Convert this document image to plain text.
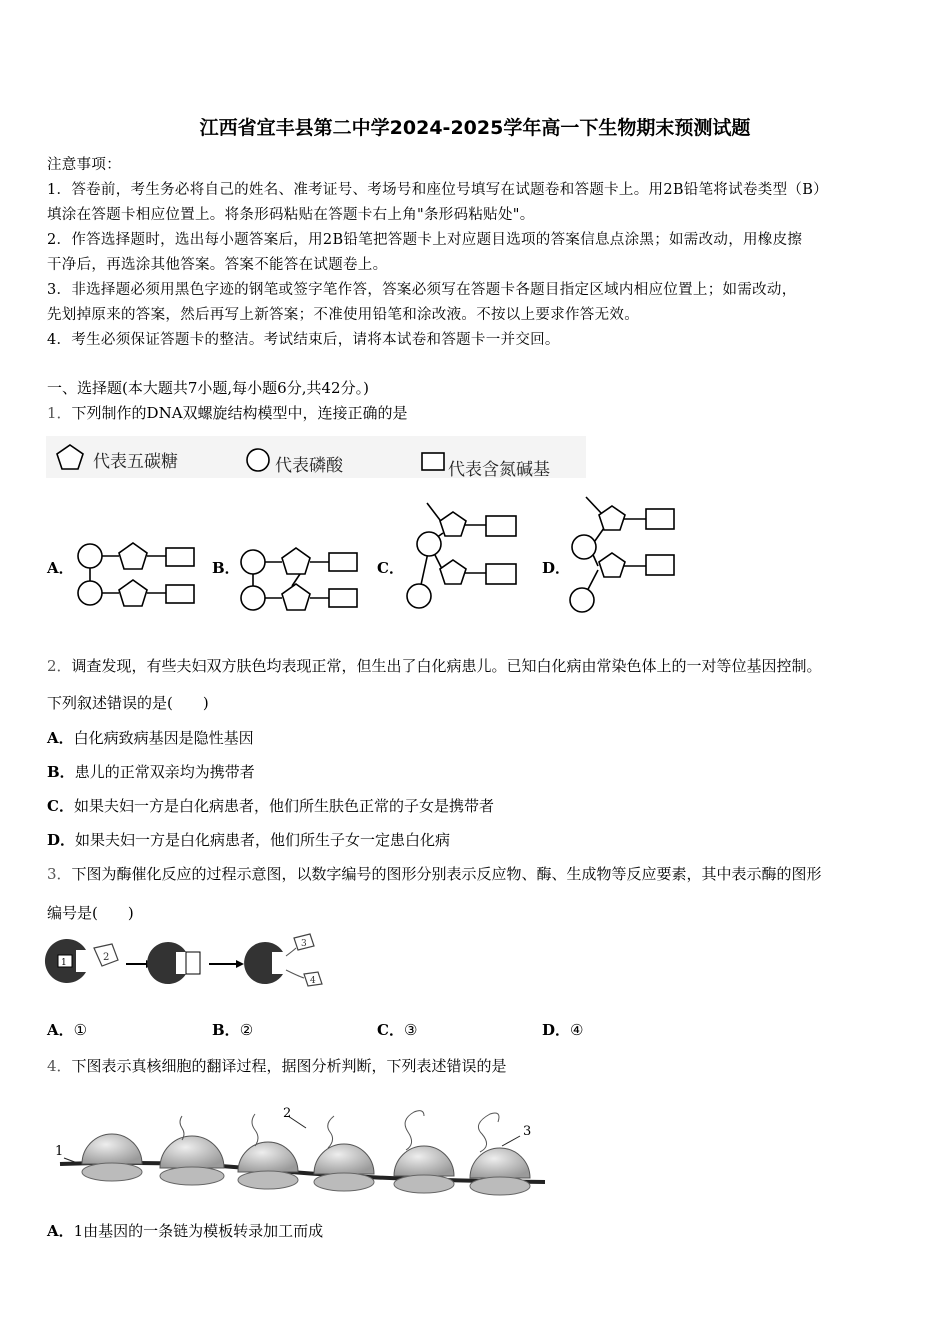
江西省宜丰县第二中学2024-2025学年高一下生物期末预测试题
注意事项：
1．答卷前，考生务必将自己的姓名、准考证号、考场号和座位号填写在试题卷和答题卡上。用2B铅笔将试卷类型（B）
填涂在答题卡相应位置上。将条形码粘贴在答题卡右上角"条形码粘贴处"。
2．作答选择题时，选出每小题答案后，用2B铅笔把答题卡上对应题目选项的答案信息点涂黑；如需改动，用橡皮擦
干净后，再选涂其他答案。答案不能答在试题卷上。
3．非选择题必须用黑色字迹的钢笔或签字笔作答，答案必须写在答题卡各题目指定区域内相应位置上；如需改动，
先划掉原来的答案，然后再写上新答案；不准使用铅笔和涂改液。不按以上要求作答无效。
4．考生必须保证答题卡的整洁。考试结束后，请将本试卷和答题卡一并交回。
一、选择题(本大题共7小题,每小题6分,共42分。)
1．下列制作的DNA双螺旋结构模型中，连接正确的是
代表五碳糖	代表磷酸	代表含氮碱基
A．	B．	C．	D．
2．调查发现，有些夫妇双方肤色均表现正常，但生出了白化病患儿。已知白化病由常染色体上的一对等位基因控制。
下列叙述错误的是(　　)
A．白化病致病基因是隐性基因
B．患儿的正常双亲均为携带者
C．如果夫妇一方是白化病患者，他们所生肤色正常的子女是携带者
D．如果夫妇一方是白化病患者，他们所生子女一定患白化病
3．下图为酶催化反应的过程示意图，以数字编号的图形分别表示反应物、酶、生成物等反应要素，其中表示酶的图形
编号是(　　)
1	2
3
4
A．①	B．②	C．③	D．④
4．下图表示真核细胞的翻译过程，据图分析判断，下列表述错误的是
1
2
3
A．1由基因的一条链为模板转录加工而成
